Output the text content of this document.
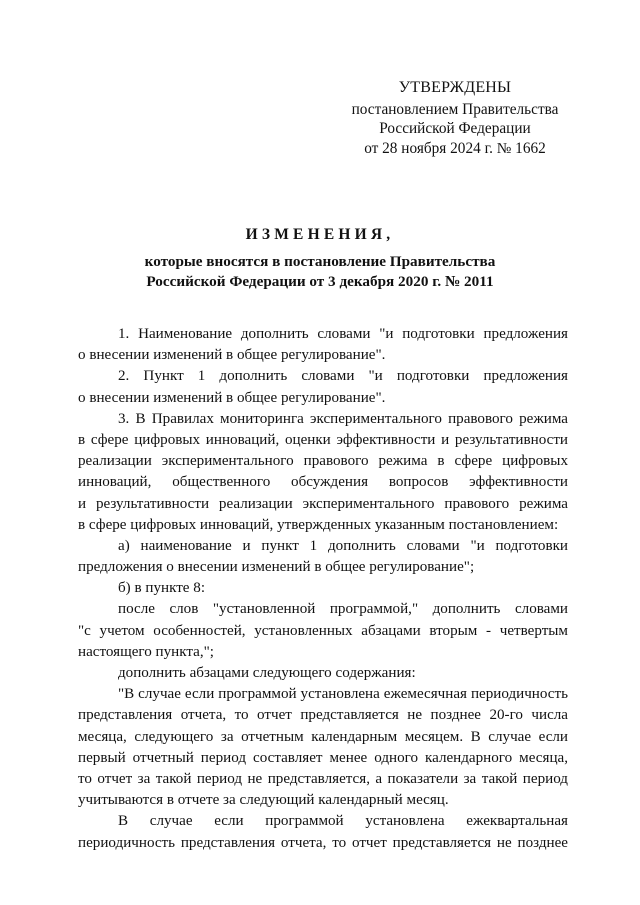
УТВЕРЖДЕНЫ
постановлением Правительства
Российской Федерации
от 28 ноября 2024 г. № 1662
ИЗМЕНЕНИЯ,
которые вносятся в постановление Правительства
Российской Федерации от 3 декабря 2020 г. № 2011
1. Наименование дополнить словами "и подготовки предложения
о внесении изменений в общее регулирование".
2. Пункт 1 дополнить словами "и подготовки предложения
о внесении изменений в общее регулирование".
3. В Правилах мониторинга экспериментального правового режима
в сфере цифровых инноваций, оценки эффективности и результативности
реализации экспериментального правового режима в сфере цифровых
инноваций, общественного обсуждения вопросов эффективности
и результативности реализации экспериментального правового режима
в сфере цифровых инноваций, утвержденных указанным постановлением:
а) наименование и пункт 1 дополнить словами "и подготовки
предложения о внесении изменений в общее регулирование";
б) в пункте 8:
после слов "установленной программой," дополнить словами
"с учетом особенностей, установленных абзацами вторым - четвертым
настоящего пункта,";
дополнить абзацами следующего содержания:
"В случае если программой установлена ежемесячная периодичность
представления отчета, то отчет представляется не позднее 20-го числа
месяца, следующего за отчетным календарным месяцем. В случае если
первый отчетный период составляет менее одного календарного месяца,
то отчет за такой период не представляется, а показатели за такой период
учитываются в отчете за следующий календарный месяц.
В случае если программой установлена ежеквартальная
периодичность представления отчета, то отчет представляется не позднее
